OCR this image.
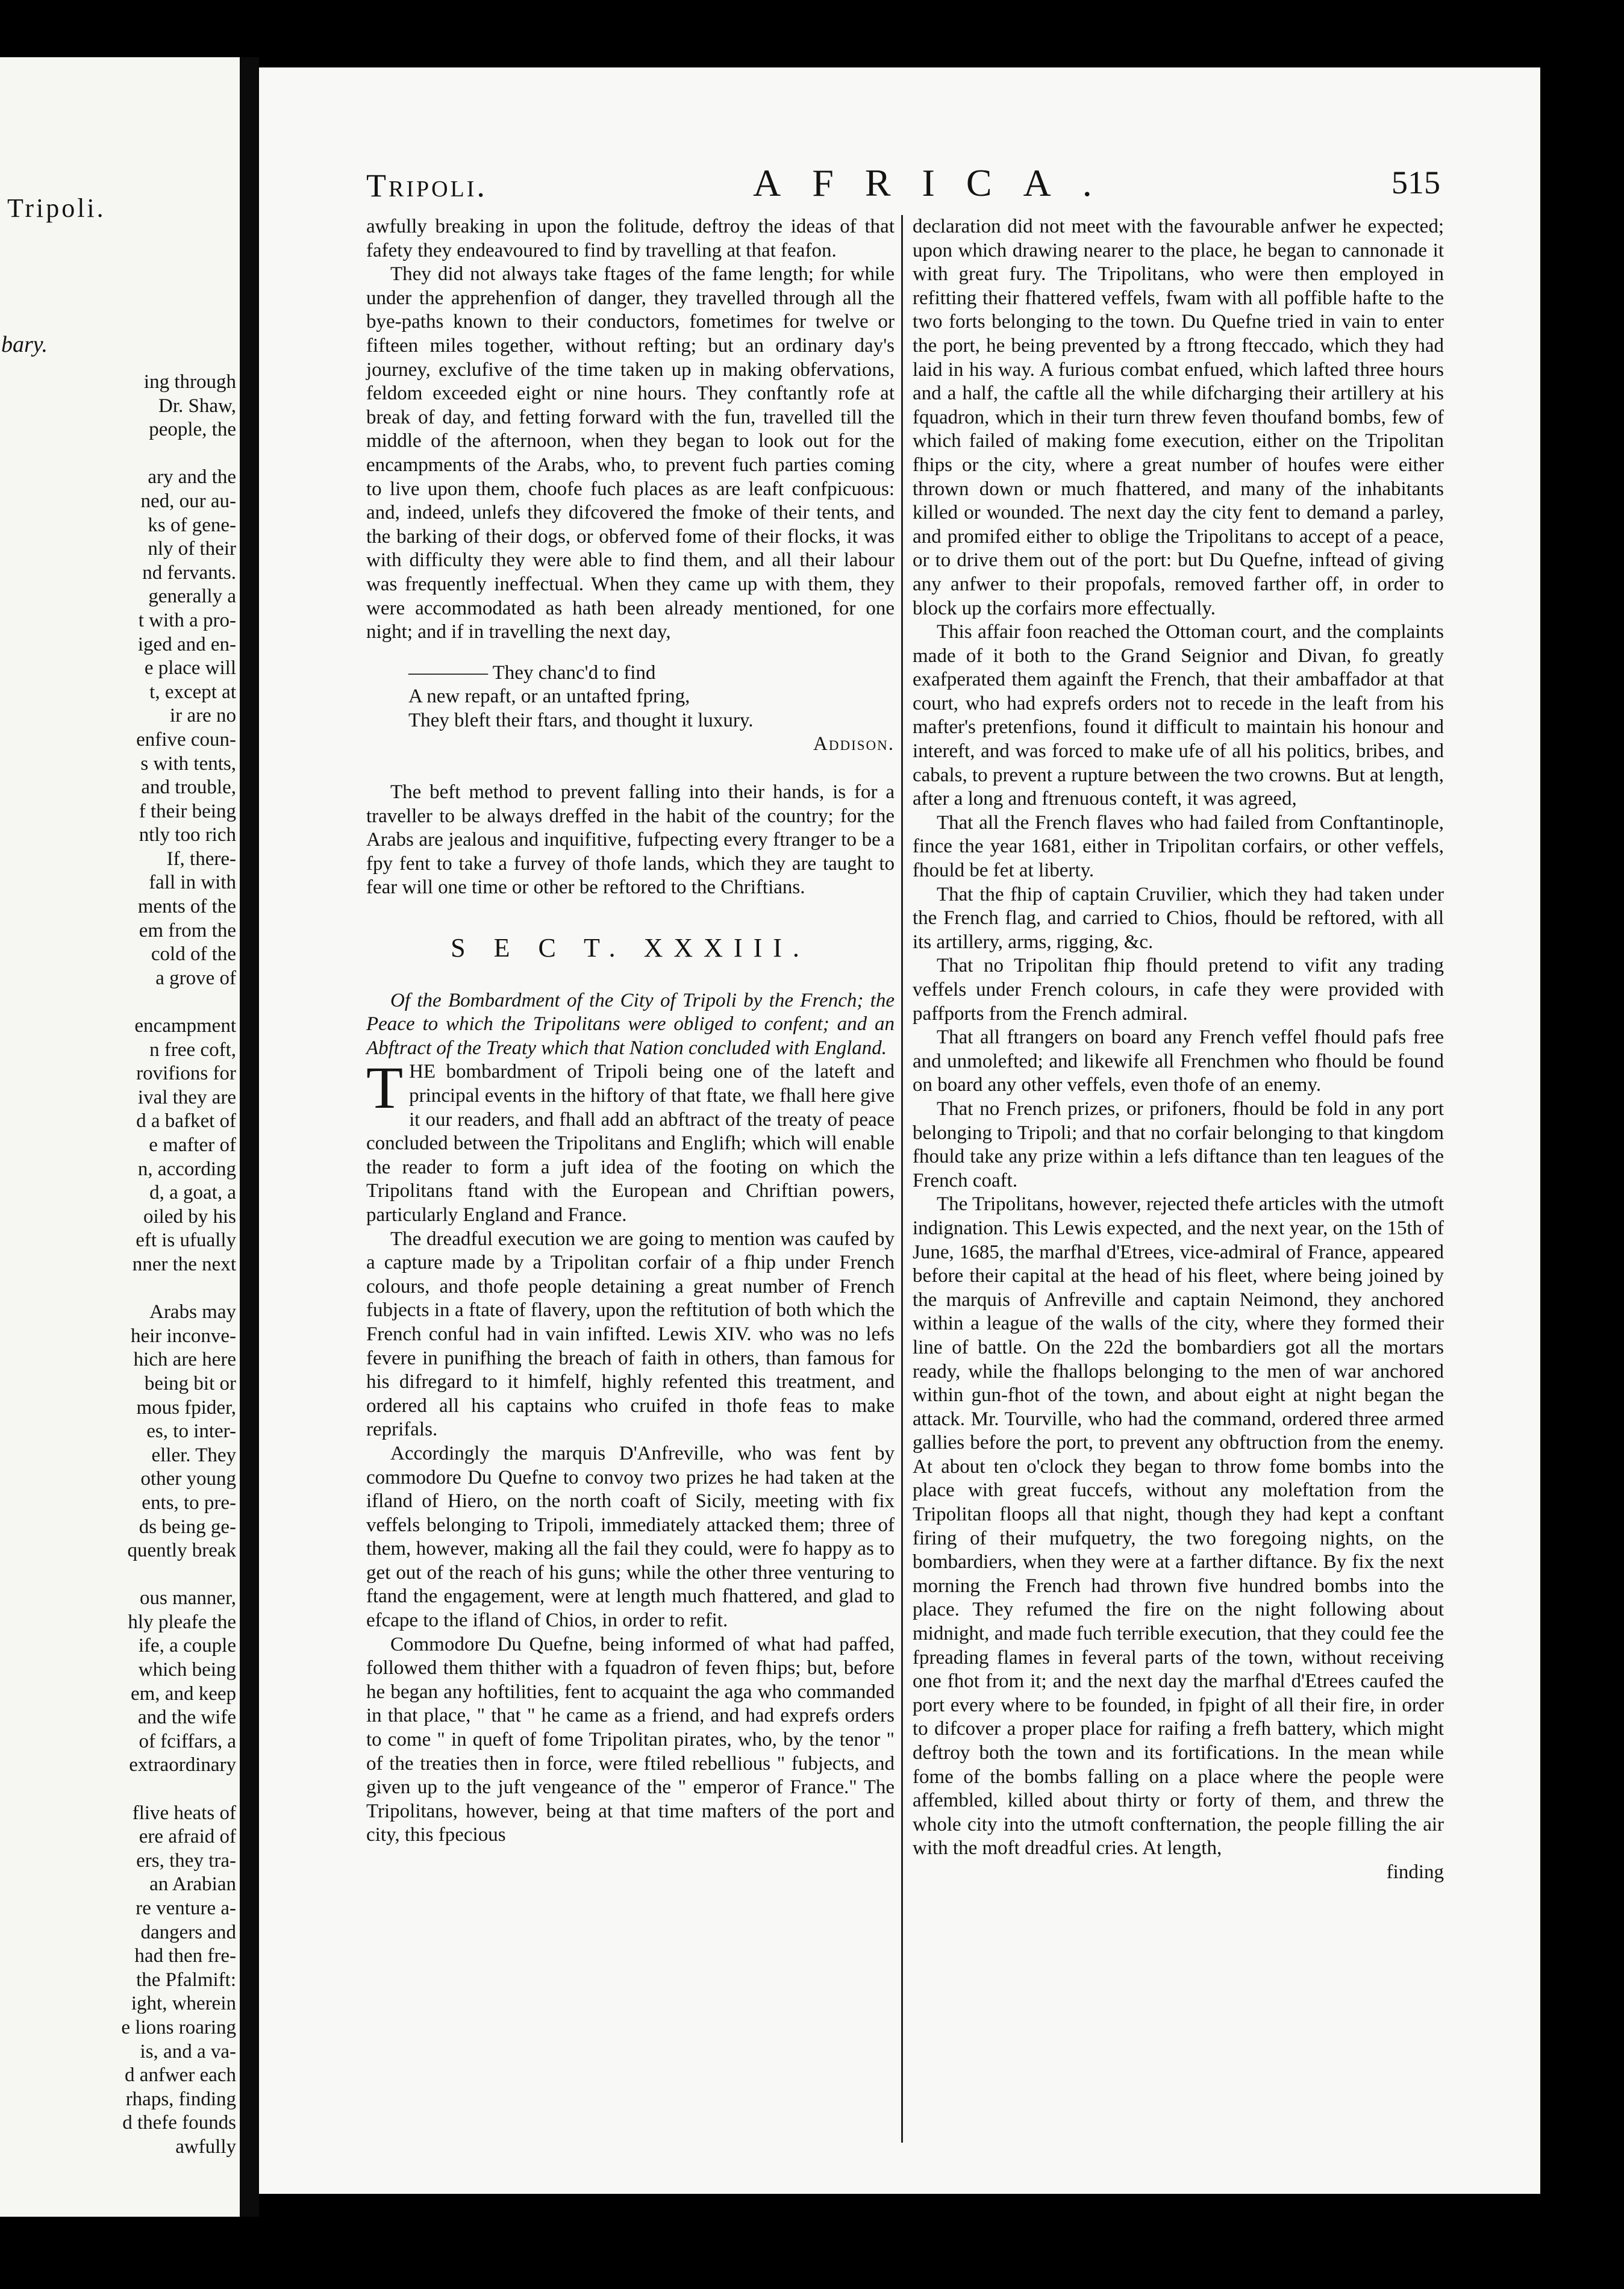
Tripoli.
bary.
ing through
Dr. Shaw,
people, the
ary and the
ned, our au-
ks of gene-
nly of their
nd fervants.
generally a
t with a pro-
iged and en-
e place will
t, except at
ir are no
enfive coun-
s with tents,
and trouble,
f their being
ntly too rich
If, there-
fall in with
ments of the
em from the
cold of the
a grove of
encampment
n free coft,
rovifions for
ival they are
d a bafket of
e mafter of
n, according
d, a goat, a
oiled by his
eft is ufually
nner the next
Arabs may
heir inconve-
hich are here
being bit or
mous fpider,
es, to inter-
eller. They
other young
ents, to pre-
ds being ge-
quently break
ous manner,
hly pleafe the
ife, a couple
which being
em, and keep
and the wife
of fciffars, a
extraordinary
flive heats of
ere afraid of
ers, they tra-
an Arabian
re venture a-
dangers and
had then fre-
the Pfalmift:
ight, wherein
e lions roaring
is, and a va-
d anfwer each
rhaps, finding
d thefe founds
awfully
Tripoli.	AFRICA.	515

awfully breaking in upon the folitude, deftroy the ideas of that fafety they endeavoured to find by travelling at that feafon.

They did not always take ftages of the fame length; for while under the apprehenfion of danger, they travelled through all the bye-paths known to their conductors, fometimes for twelve or fifteen miles together, without refting; but an ordinary day's journey, exclufive of the time taken up in making obfervations, feldom exceeded eight or nine hours. They conftantly rofe at break of day, and fetting forward with the fun, travelled till the middle of the afternoon, when they began to look out for the encampments of the Arabs, who, to prevent fuch parties coming to live upon them, choofe fuch places as are leaft confpicuous: and, indeed, unlefs they difcovered the fmoke of their tents, and the barking of their dogs, or obferved fome of their flocks, it was with difficulty they were able to find them, and all their labour was frequently ineffectual. When they came up with them, they were accommodated as hath been already mentioned, for one night; and if in travelling the next day,

———— They chanc'd to find
A new repaft, or an untafted fpring,
They bleft their ftars, and thought it luxury.
Addison.

The beft method to prevent falling into their hands, is for a traveller to be always dreffed in the habit of the country; for the Arabs are jealous and inquifitive, fufpecting every ftranger to be a fpy fent to take a furvey of thofe lands, which they are taught to fear will one time or other be reftored to the Chriftians.

S E C T. XXXIII.

Of the Bombardment of the City of Tripoli by the French; the Peace to which the Tripolitans were obliged to confent; and an Abftract of the Treaty which that Nation concluded with England.

THE bombardment of Tripoli being one of the lateft and principal events in the hiftory of that ftate, we fhall here give it our readers, and fhall add an abftract of the treaty of peace concluded between the Tripolitans and Englifh; which will enable the reader to form a juft idea of the footing on which the Tripolitans ftand with the European and Chriftian powers, particularly England and France.

The dreadful execution we are going to mention was caufed by a capture made by a Tripolitan corfair of a fhip under French colours, and thofe people detaining a great number of French fubjects in a ftate of flavery, upon the reftitution of both which the French conful had in vain infifted. Lewis XIV. who was no lefs fevere in punifhing the breach of faith in others, than famous for his difregard to it himfelf, highly refented this treatment, and ordered all his captains who cruifed in thofe feas to make reprifals.

Accordingly the marquis D'Anfreville, who was fent by commodore Du Quefne to convoy two prizes he had taken at the ifland of Hiero, on the north coaft of Sicily, meeting with fix veffels belonging to Tripoli, immediately attacked them; three of them, however, making all the fail they could, were fo happy as to get out of the reach of his guns; while the other three venturing to ftand the engagement, were at length much fhattered, and glad to efcape to the ifland of Chios, in order to refit.

Commodore Du Quefne, being informed of what had paffed, followed them thither with a fquadron of feven fhips; but, before he began any hoftilities, fent to acquaint the aga who commanded in that place, " that " he came as a friend, and had exprefs orders to come " in queft of fome Tripolitan pirates, who, by the tenor " of the treaties then in force, were ftiled rebellious " fubjects, and given up to the juft vengeance of the " emperor of France." The Tripolitans, however, being at that time mafters of the port and city, this fpecious

declaration did not meet with the favourable anfwer he expected; upon which drawing nearer to the place, he began to cannonade it with great fury. The Tripolitans, who were then employed in refitting their fhattered veffels, fwam with all poffible hafte to the two forts belonging to the town. Du Quefne tried in vain to enter the port, he being prevented by a ftrong fteccado, which they had laid in his way. A furious combat enfued, which lafted three hours and a half, the caftle all the while difcharging their artillery at his fquadron, which in their turn threw feven thoufand bombs, few of which failed of making fome execution, either on the Tripolitan fhips or the city, where a great number of houfes were either thrown down or much fhattered, and many of the inhabitants killed or wounded. The next day the city fent to demand a parley, and promifed either to oblige the Tripolitans to accept of a peace, or to drive them out of the port: but Du Quefne, inftead of giving any anfwer to their propofals, removed farther off, in order to block up the corfairs more effectually.

This affair foon reached the Ottoman court, and the complaints made of it both to the Grand Seignior and Divan, fo greatly exafperated them againft the French, that their ambaffador at that court, who had exprefs orders not to recede in the leaft from his mafter's pretenfions, found it difficult to maintain his honour and intereft, and was forced to make ufe of all his politics, bribes, and cabals, to prevent a rupture between the two crowns. But at length, after a long and ftrenuous conteft, it was agreed,

That all the French flaves who had failed from Conftantinople, fince the year 1681, either in Tripolitan corfairs, or other veffels, fhould be fet at liberty.

That the fhip of captain Cruvilier, which they had taken under the French flag, and carried to Chios, fhould be reftored, with all its artillery, arms, rigging, &c.

That no Tripolitan fhip fhould pretend to vifit any trading veffels under French colours, in cafe they were provided with paffports from the French admiral.

That all ftrangers on board any French veffel fhould pafs free and unmolefted; and likewife all Frenchmen who fhould be found on board any other veffels, even thofe of an enemy.

That no French prizes, or prifoners, fhould be fold in any port belonging to Tripoli; and that no corfair belonging to that kingdom fhould take any prize within a lefs diftance than ten leagues of the French coaft.

The Tripolitans, however, rejected thefe articles with the utmoft indignation. This Lewis expected, and the next year, on the 15th of June, 1685, the marfhal d'Etrees, vice-admiral of France, appeared before their capital at the head of his fleet, where being joined by the marquis of Anfreville and captain Neimond, they anchored within a league of the walls of the city, where they formed their line of battle. On the 22d the bombardiers got all the mortars ready, while the fhallops belonging to the men of war anchored within gun-fhot of the town, and about eight at night began the attack. Mr. Tourville, who had the command, ordered three armed gallies before the port, to prevent any obftruction from the enemy. At about ten o'clock they began to throw fome bombs into the place with great fuccefs, without any moleftation from the Tripolitan floops all that night, though they had kept a conftant firing of their mufquetry, the two foregoing nights, on the bombardiers, when they were at a farther diftance. By fix the next morning the French had thrown five hundred bombs into the place. They refumed the fire on the night following about midnight, and made fuch terrible execution, that they could fee the fpreading flames in feveral parts of the town, without receiving one fhot from it; and the next day the marfhal d'Etrees caufed the port every where to be founded, in fpight of all their fire, in order to difcover a proper place for raifing a frefh battery, which might deftroy both the town and its fortifications. In the mean while fome of the bombs falling on a place where the people were affembled, killed about thirty or forty of them, and threw the whole city into the utmoft confternation, the people filling the air with the moft dreadful cries. At length,

finding
